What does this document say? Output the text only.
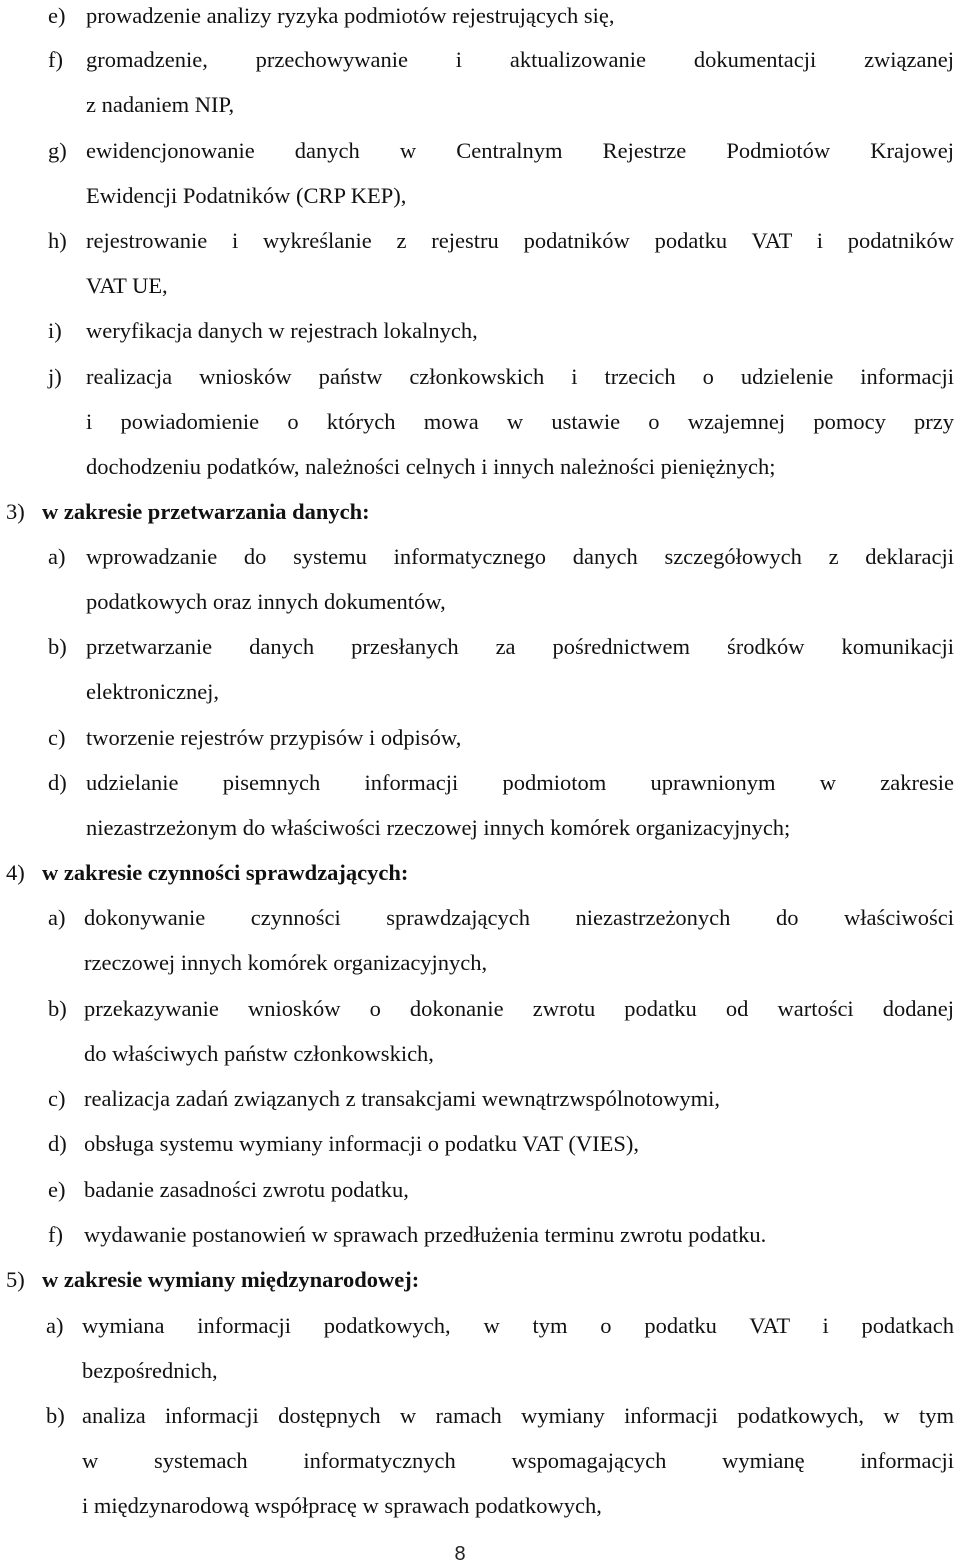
e) prowadzenie analizy ryzyka podmiotów rejestrujących się,
f) gromadzenie, przechowywanie i aktualizowanie dokumentacji związanej
z nadaniem NIP,
g) ewidencjonowanie danych w Centralnym Rejestrze Podmiotów Krajowej
Ewidencji Podatników (CRP KEP),
h) rejestrowanie i wykreślanie z rejestru podatników podatku VAT i podatników
VAT UE,
i) weryfikacja danych w rejestrach lokalnych,
j) realizacja wniosków państw członkowskich i trzecich o udzielenie informacji
i powiadomienie o których mowa w ustawie o wzajemnej pomocy przy
dochodzeniu podatków, należności celnych i innych należności pieniężnych;
3) w zakresie przetwarzania danych:
a) wprowadzanie do systemu informatycznego danych szczegółowych z deklaracji
podatkowych oraz innych dokumentów,
b) przetwarzanie danych przesłanych za pośrednictwem środków komunikacji
elektronicznej,
c) tworzenie rejestrów przypisów i odpisów,
d) udzielanie pisemnych informacji podmiotom uprawnionym w zakresie
niezastrzeżonym do właściwości rzeczowej innych komórek organizacyjnych;
4) w zakresie czynności sprawdzających:
a) dokonywanie czynności sprawdzających niezastrzeżonych do właściwości
rzeczowej innych komórek organizacyjnych,
b) przekazywanie wniosków o dokonanie zwrotu podatku od wartości dodanej
do właściwych państw członkowskich,
c) realizacja zadań związanych z transakcjami wewnątrzwspólnotowymi,
d) obsługa systemu wymiany informacji o podatku VAT (VIES),
e) badanie zasadności zwrotu podatku,
f) wydawanie postanowień w sprawach przedłużenia terminu zwrotu podatku.
5) w zakresie wymiany międzynarodowej:
a) wymiana informacji podatkowych, w tym o podatku VAT i podatkach
bezpośrednich,
b) analiza informacji dostępnych w ramach wymiany informacji podatkowych, w tym
w systemach informatycznych wspomagających wymianę informacji
i międzynarodową współpracę w sprawach podatkowych,
8
